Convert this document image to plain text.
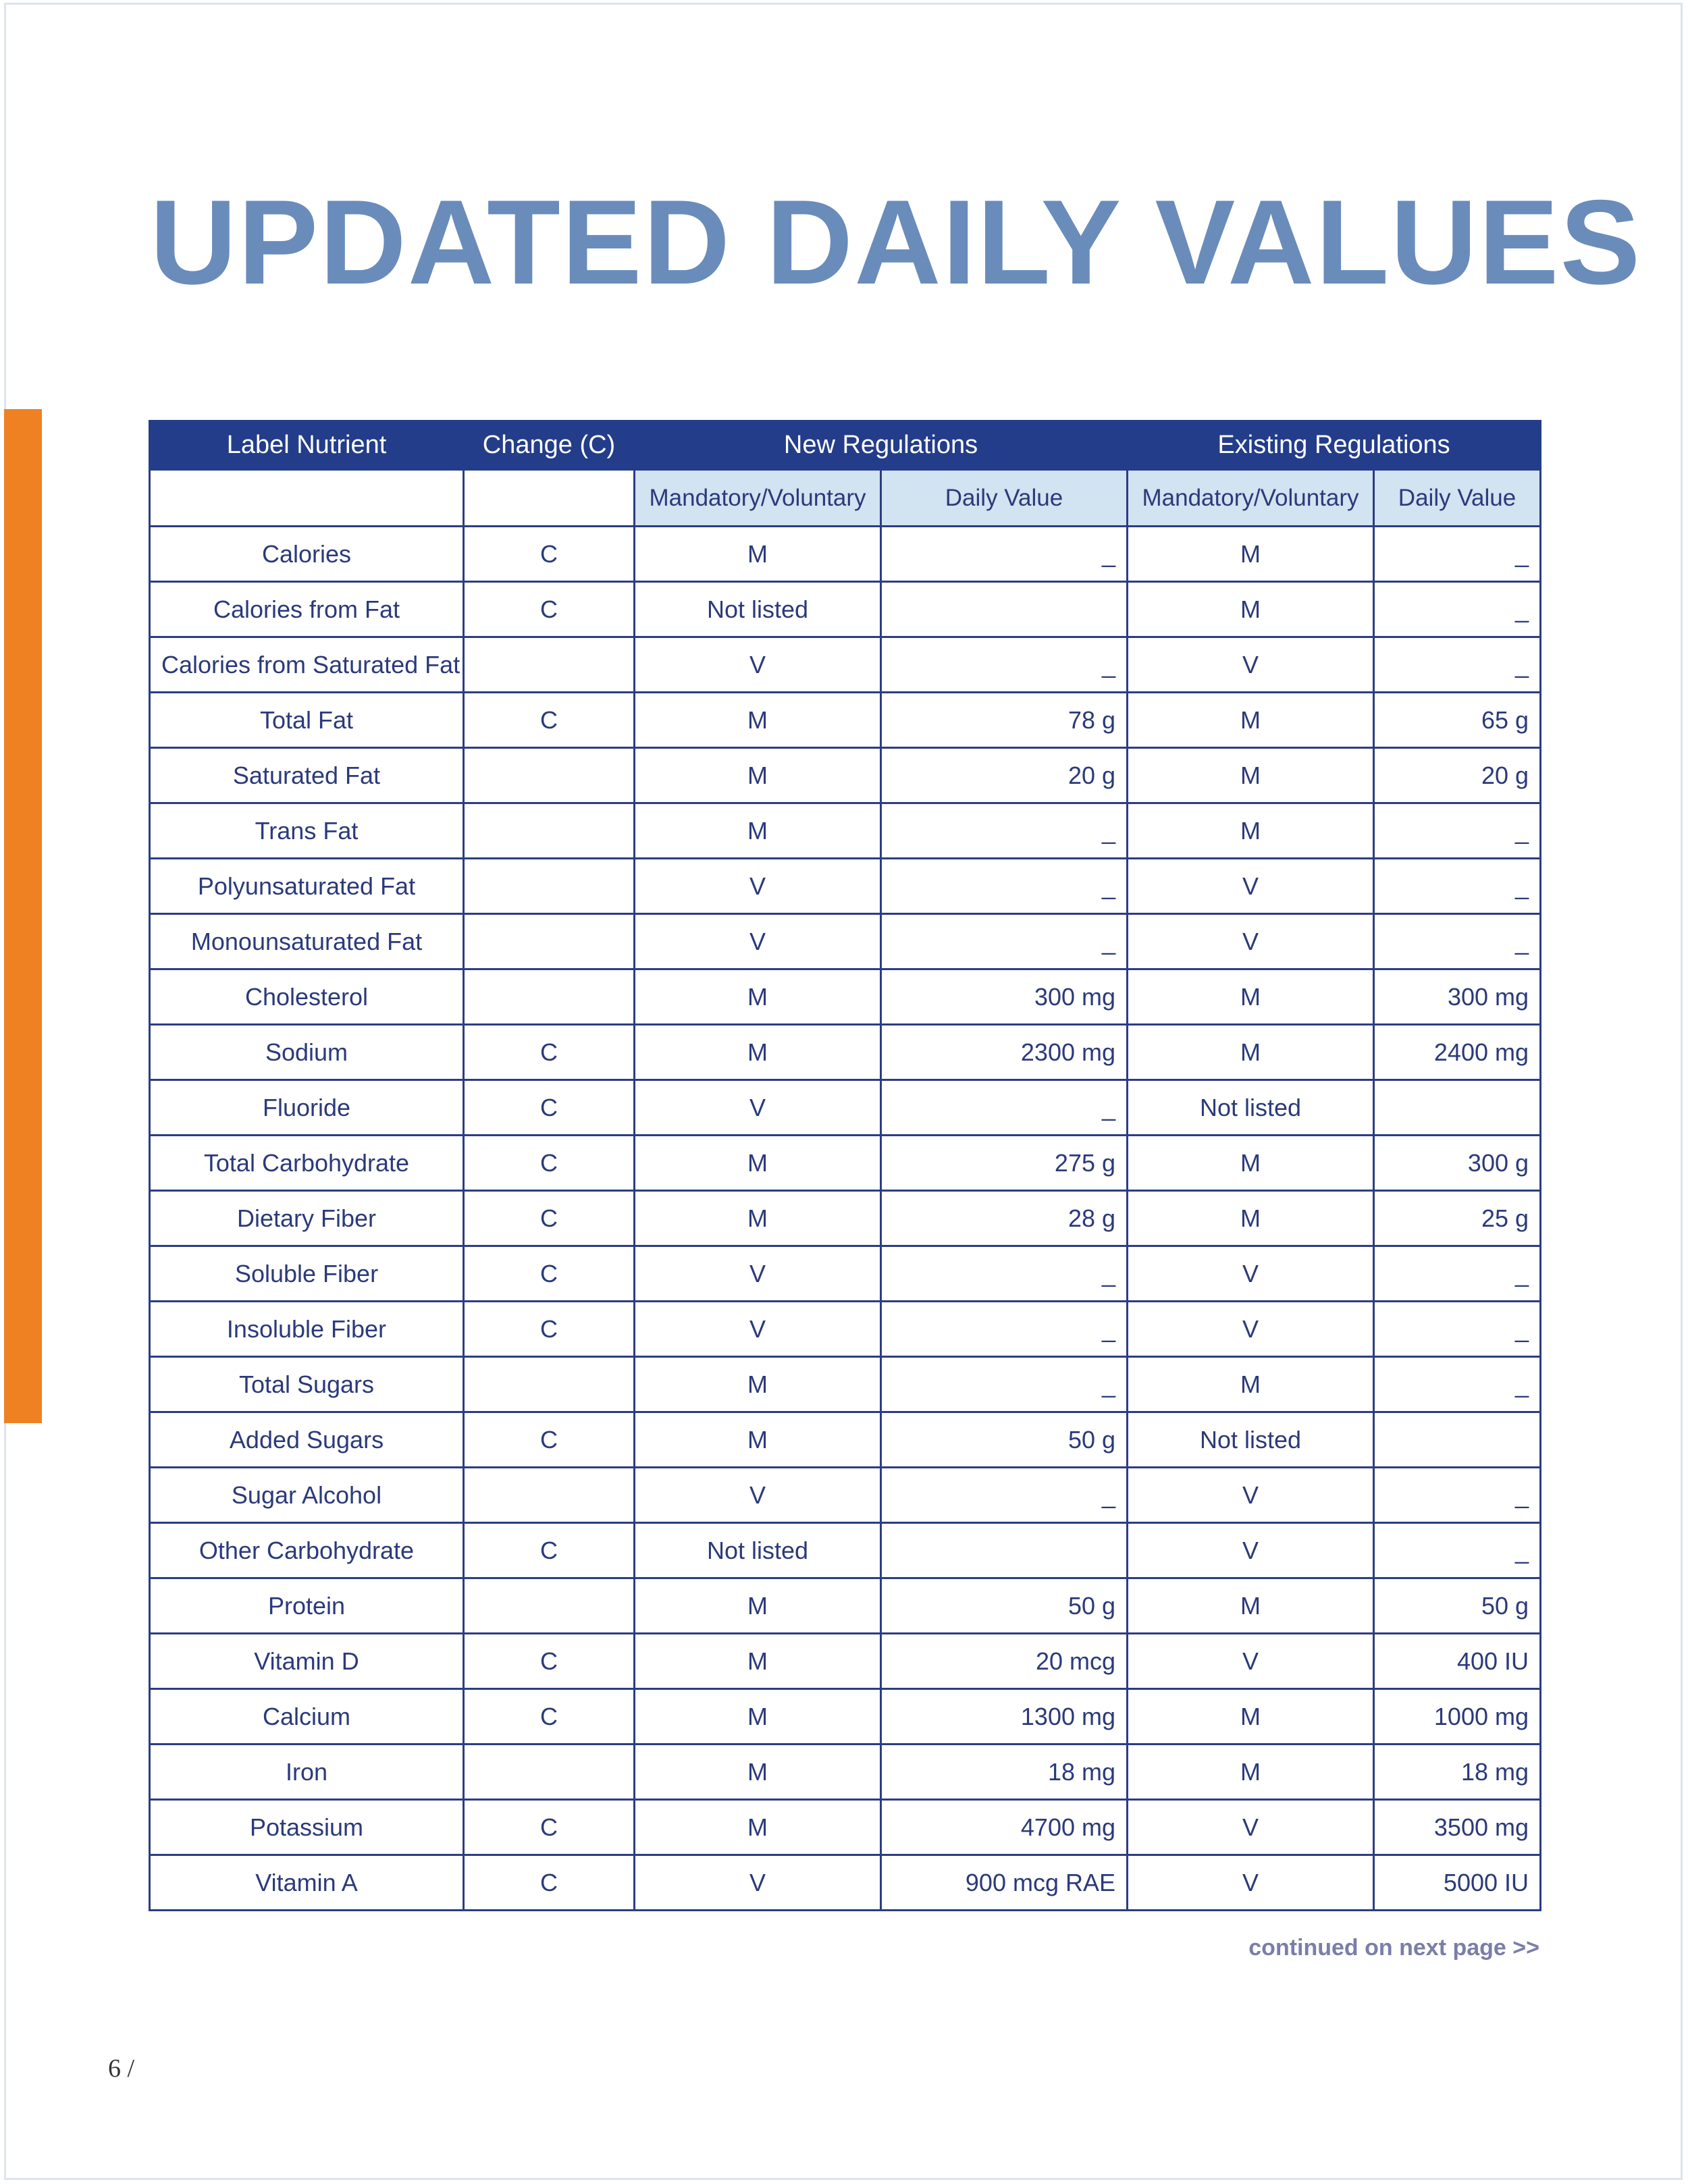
UPDATED DAILY VALUES
Label Nutrient	Change (C)	New Regulations		Existing Regulations	
		Mandatory/Voluntary	Daily Value	Mandatory/Voluntary	Daily Value
Calories	C	M	_	M	_
Calories from Fat	C	Not listed		M	_
Calories from Saturated Fat		V	_	V	_
Total Fat	C	M	78 g	M	65 g
Saturated Fat		M	20 g	M	20 g
Trans Fat		M	_	M	_
Polyunsaturated Fat		V	_	V	_
Monounsaturated Fat		V	_	V	_
Cholesterol		M	300 mg	M	300 mg
Sodium	C	M	2300 mg	M	2400 mg
Fluoride	C	V	_	Not listed	
Total Carbohydrate	C	M	275 g	M	300 g
Dietary Fiber	C	M	28 g	M	25 g
Soluble Fiber	C	V	_	V	_
Insoluble Fiber	C	V	_	V	_
Total Sugars		M	_	M	_
Added Sugars	C	M	50 g	Not listed	
Sugar Alcohol		V	_	V	_
Other Carbohydrate	C	Not listed		V	_
Protein		M	50 g	M	50 g
Vitamin D	C	M	20 mcg	V	400 IU
Calcium	C	M	1300 mg	M	1000 mg
Iron		M	18 mg	M	18 mg
Potassium	C	M	4700 mg	V	3500 mg
Vitamin A	C	V	900 mcg RAE	V	5000 IU
continued on next page >>
6 /
